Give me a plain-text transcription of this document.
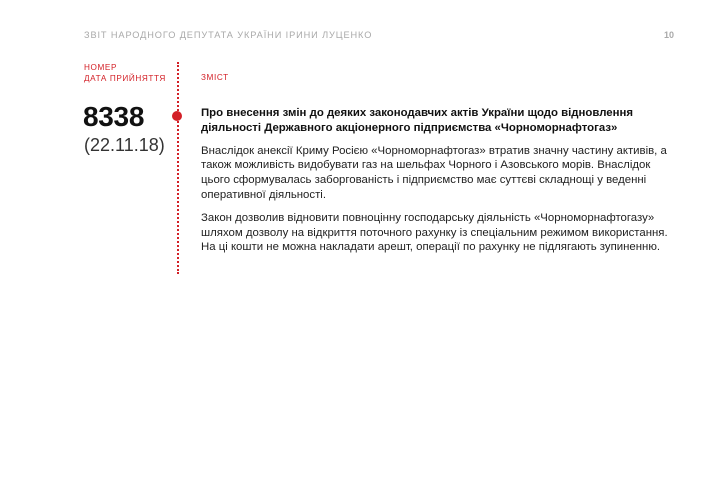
ЗВІТ НАРОДНОГО ДЕПУТАТА УКРАЇНИ ІРИНИ ЛУЦЕНКО	10
НОМЕР
ДАТА ПРИЙНЯТТЯ	ЗМІСТ
8338
(22.11.18)

Про внесення змін до деяких законодавчих актів України щодо відновлення діяльності Державного акціонерного підприємства «Чорноморнафтогаз»

Внаслідок анексії Криму Росією «Чорноморнафтогаз» втратив значну частину активів, а також можливість видобувати газ на шельфах Чорного і Азовського морів. Внаслідок цього сформувалась заборгованість і підприємство має суттєві складнощі у веденні оперативної діяльності.

Закон дозволив відновити повноцінну господарську діяльність «Чорноморнафтогазу» шляхом дозволу на відкриття поточного рахунку із спеціальним режимом використання. На ці кошти не можна накладати арешт, операції по рахунку не підлягають зупиненню.
